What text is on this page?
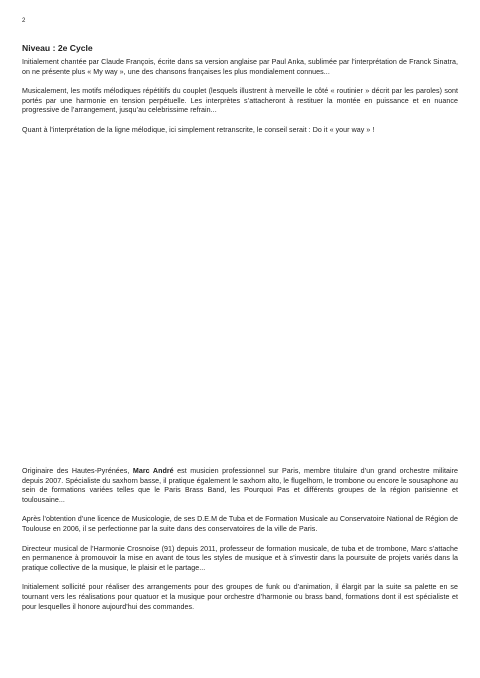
2
Niveau : 2e Cycle

Initialement chantée par Claude François, écrite dans sa version anglaise par Paul Anka, sublimée par l’interprétation de Franck Sinatra, on ne présente plus « My way », une des chansons françaises les plus mondialement connues...

Musicalement, les motifs mélodiques répétitifs du couplet (lesquels illustrent à merveille le côté « routinier » décrit par les paroles) sont portés par une harmonie en tension perpétuelle. Les interprètes s’attacheront à restituer la montée en puissance et en nuance progressive de l’arrangement, jusqu’au celebrissime refrain...

Quant à l’interprétation de la ligne mélodique, ici simplement retranscrite, le conseil serait : Do it « your way » !

Originaire des Hautes-Pyrénées, Marc André est musicien professionnel sur Paris, membre titulaire d’un grand orchestre militaire depuis 2007. Spécialiste du saxhorn basse, il pratique également le saxhorn alto, le flugelhorn, le trombone ou encore le sousaphone au sein de formations variées telles que le Paris Brass Band, les Pourquoi Pas et différents groupes de la région parisienne et toulousaine...

Après l’obtention d’une licence de Musicologie, de ses D.E.M de Tuba et de Formation Musicale au Conservatoire National de Région de Toulouse en 2006, il se perfectionne par la suite dans des conservatoires de la ville de Paris.

Directeur musical de l’Harmonie Crosnoise (91) depuis 2011, professeur de formation musicale, de tuba et de trombone, Marc s’attache en permanence à promouvoir la mise en avant de tous les styles de musique et à s’investir dans la poursuite de projets variés dans la pratique collective de la musique, le plaisir et le partage...

Initialement sollicité pour réaliser des arrangements pour des groupes de funk ou d’animation, il élargit par la suite sa palette en se tournant vers les réalisations pour quatuor et la musique pour orchestre d’harmonie ou brass band, formations dont il est spécialiste et pour lesquelles il honore aujourd’hui des commandes.
